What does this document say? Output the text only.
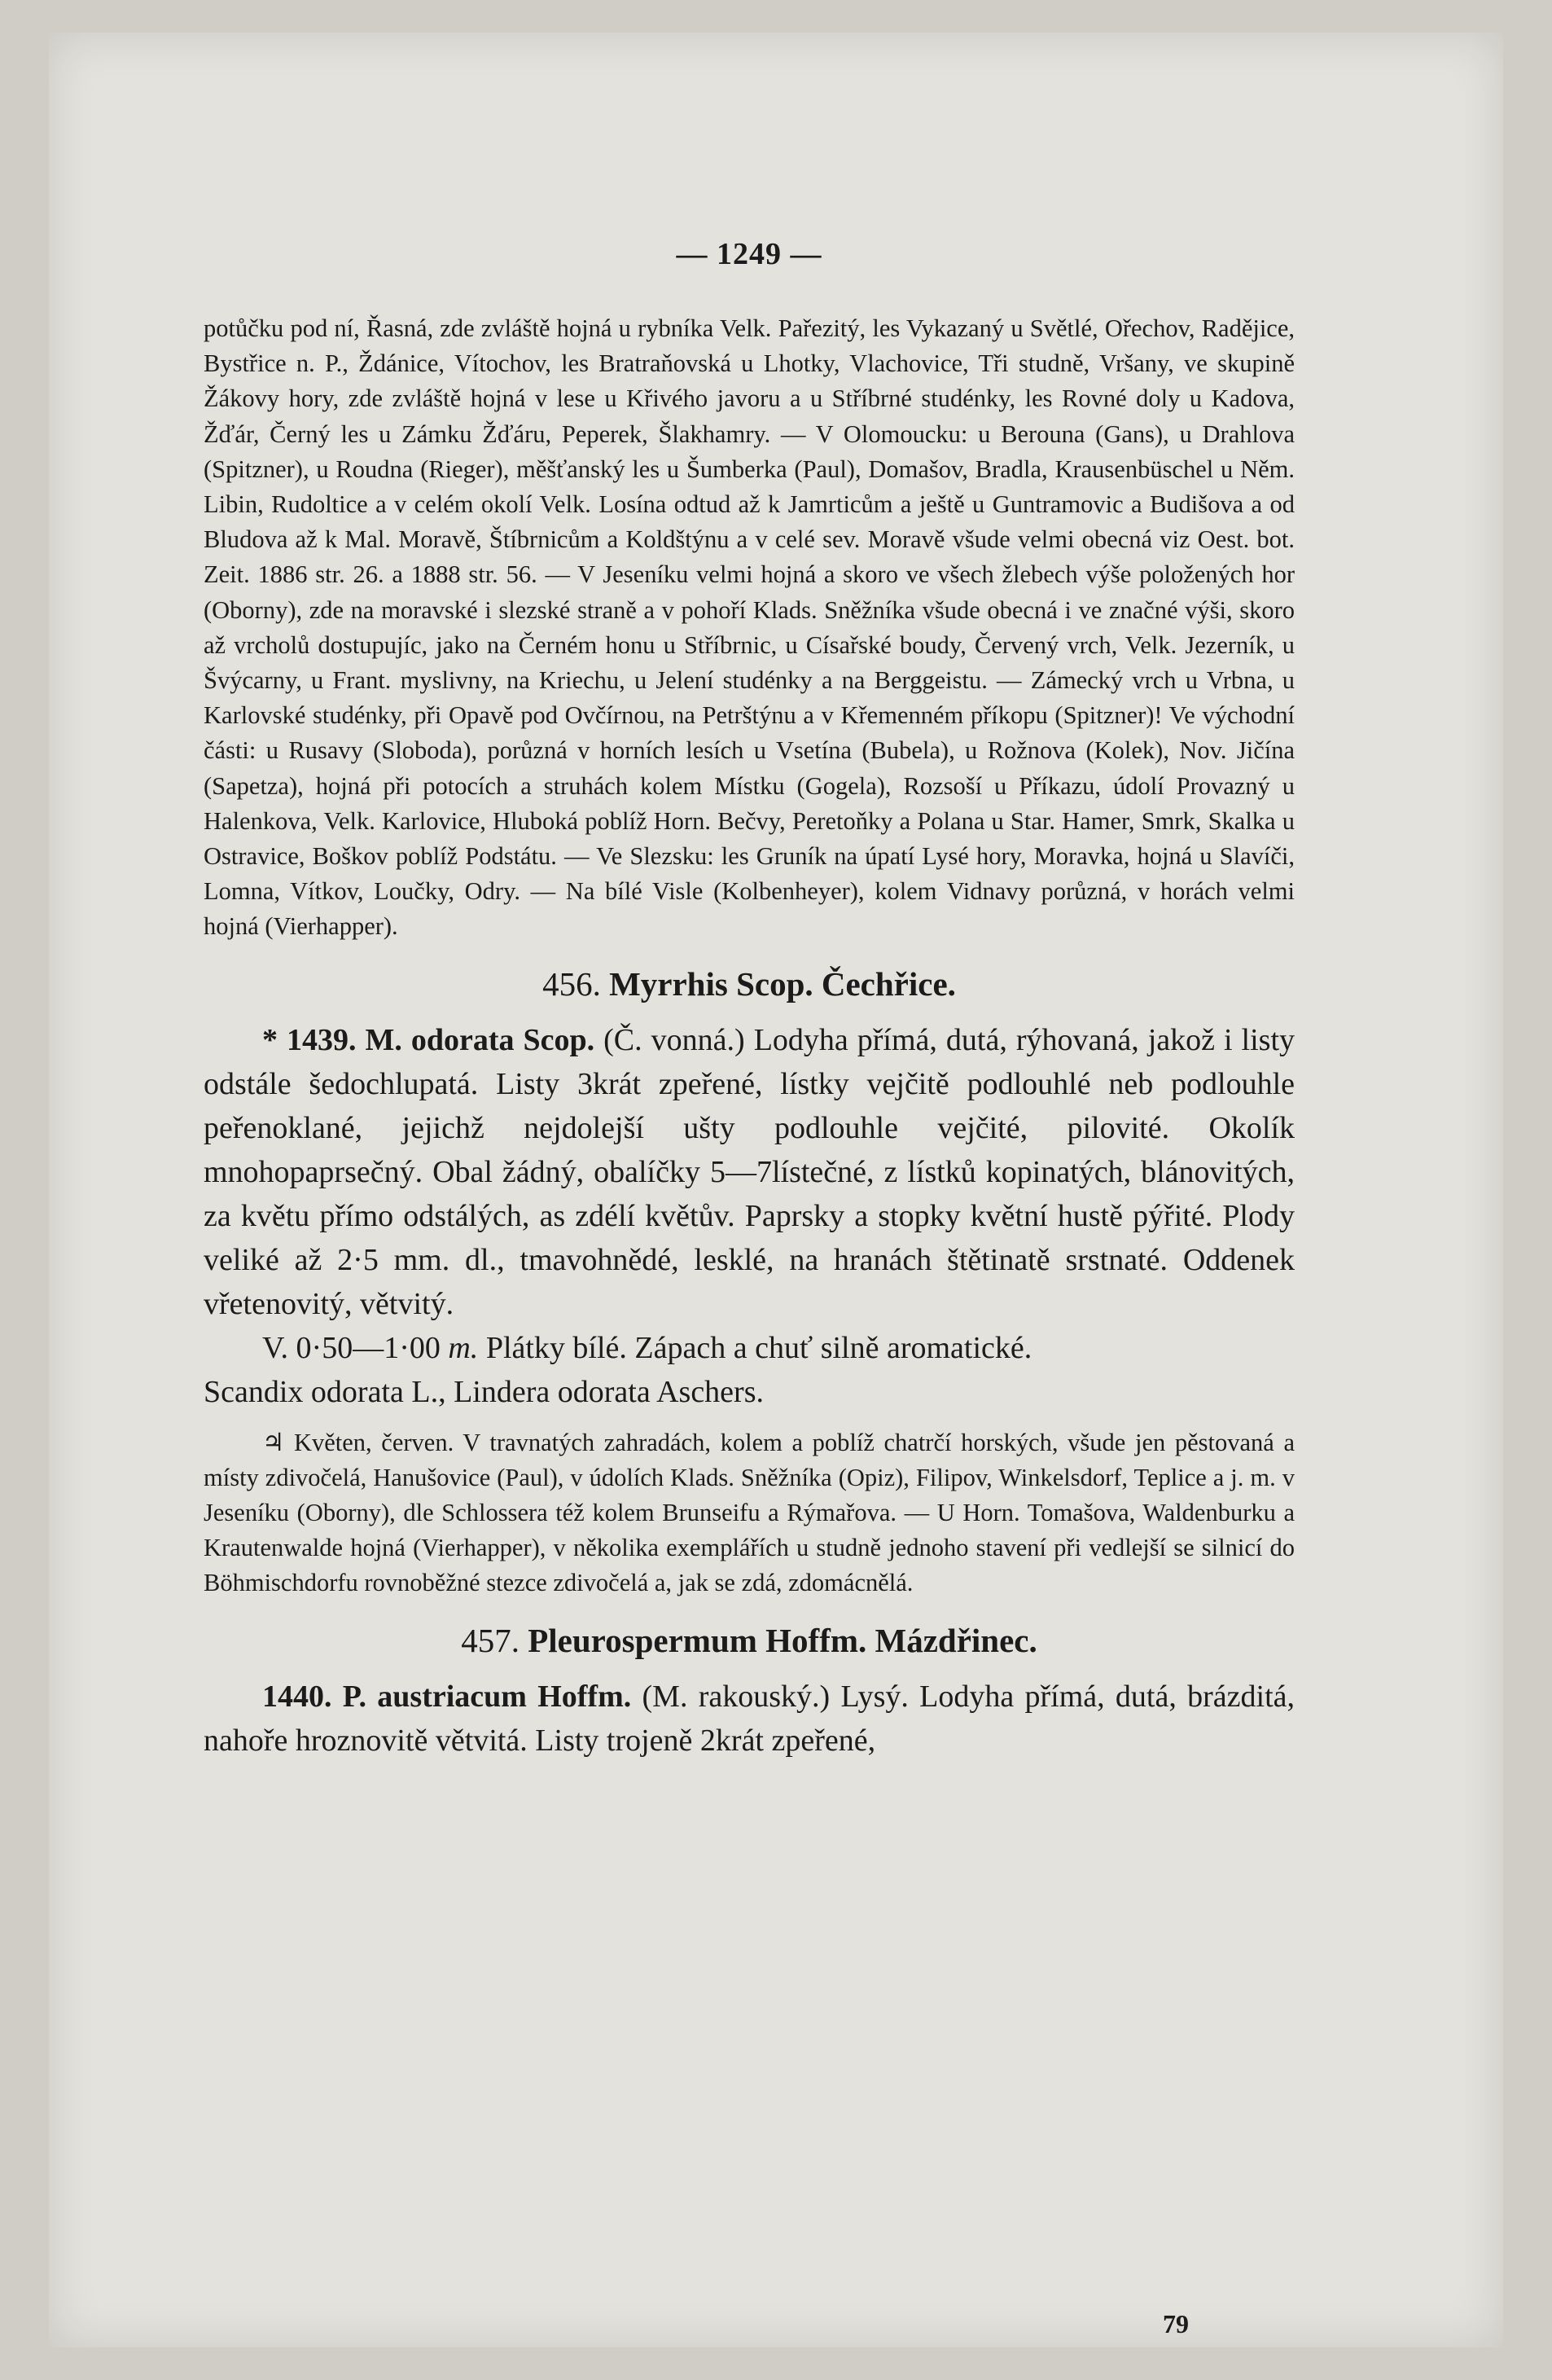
— 1249 —

potůčku pod ní, Řasná, zde zvláště hojná u rybníka Velk. Pařezitý, les Vykazaný u Světlé, Ořechov, Radějice, Bystřice n. P., Ždánice, Vítochov, les Bratraňovská u Lhotky, Vlachovice, Tři studně, Vršany, ve skupině Žákovy hory, zde zvláště hojná v lese u Křivého javoru a u Stříbrné studénky, les Rovné doly u Kadova, Žďár, Černý les u Zámku Žďáru, Peperek, Šlakhamry. — V Olomoucku: u Berouna (Gans), u Drahlova (Spitzner), u Roudna (Rieger), měšťanský les u Šumberka (Paul), Domašov, Bradla, Krausenbüschel u Něm. Libin, Rudoltice a v celém okolí Velk. Losína odtud až k Jamrticům a ještě u Guntramovic a Budišova a od Bludova až k Mal. Moravě, Štíbrnicům a Koldštýnu a v celé sev. Moravě všude velmi obecná viz Oest. bot. Zeit. 1886 str. 26. a 1888 str. 56. — V Jeseníku velmi hojná a skoro ve všech žlebech výše položených hor (Oborny), zde na moravské i slezské straně a v pohoří Klads. Sněžníka všude obecná i ve značné výši, skoro až vrcholů dostupujíc, jako na Černém honu u Stříbrnic, u Císařské boudy, Červený vrch, Velk. Jezerník, u Švýcarny, u Frant. myslivny, na Kriechu, u Jelení studénky a na Berggeistu. — Zámecký vrch u Vrbna, u Karlovské studénky, při Opavě pod Ovčírnou, na Petrštýnu a v Křemenném příkopu (Spitzner)! Ve východní části: u Rusavy (Sloboda), porůzná v horních lesích u Vsetína (Bubela), u Rožnova (Kolek), Nov. Jičína (Sapetza), hojná při potocích a struhách kolem Místku (Gogela), Rozsoší u Příkazu, údolí Provazný u Halenkova, Velk. Karlovice, Hluboká poblíž Horn. Bečvy, Peretoňky a Polana u Star. Hamer, Smrk, Skalka u Ostravice, Boškov poblíž Podstátu. — Ve Slezsku: les Gruník na úpatí Lysé hory, Moravka, hojná u Slavíči, Lomna, Vítkov, Loučky, Odry. — Na bílé Visle (Kolbenheyer), kolem Vidnavy porůzná, v horách velmi hojná (Vierhapper).

456. Myrrhis Scop. Čechřice.

* 1439. M. odorata Scop. (Č. vonná.) Lodyha přímá, dutá, rýhovaná, jakož i listy odstále šedochlupatá. Listy 3krát zpeřené, lístky vejčitě podlouhlé neb podlouhle peřenoklané, jejichž nejdolejší ušty podlouhle vejčité, pilovité. Okolík mnohopaprsečný. Obal žádný, obalíčky 5—7lístečné, z lístků kopinatých, blánovitých, za květu přímo odstálých, as zdélí květův. Paprsky a stopky květní hustě pýřité. Plody veliké až 2·5 mm. dl., tmavohnědé, lesklé, na hranách štětinatě srstnaté. Oddenek vřetenovitý, větvitý.

V. 0·50—1·00 m. Plátky bílé. Zápach a chuť silně aromatické.

Scandix odorata L., Lindera odorata Aschers.

♃ Květen, červen. V travnatých zahradách, kolem a poblíž chatrčí horských, všude jen pěstovaná a místy zdivočelá, Hanušovice (Paul), v údolích Klads. Sněžníka (Opiz), Filipov, Winkelsdorf, Teplice a j. m. v Jeseníku (Oborny), dle Schlossera též kolem Brunseifu a Rýmařova. — U Horn. Tomašova, Waldenburku a Krautenwalde hojná (Vierhapper), v několika exemplářích u studně jednoho stavení při vedlejší se silnicí do Böhmischdorfu rovnoběžné stezce zdivočelá a, jak se zdá, zdomácnělá.

457. Pleurospermum Hoffm. Mázdřinec.

1440. P. austriacum Hoffm. (M. rakouský.) Lysý. Lodyha přímá, dutá, brázditá, nahoře hroznovitě větvitá. Listy trojeně 2krát zpeřené,

79
